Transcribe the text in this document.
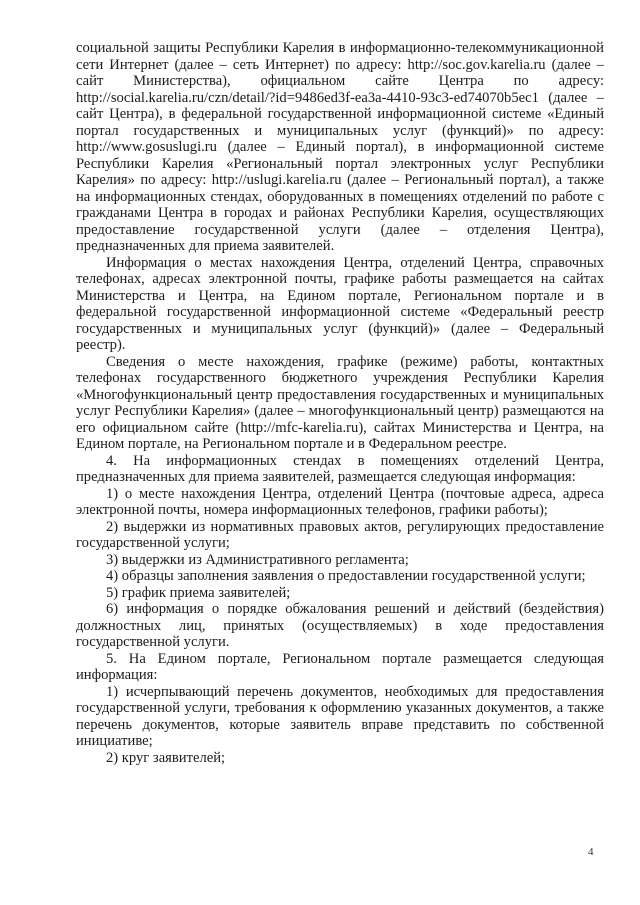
социальной защиты Республики Карелия в информационно-телекоммуникационной сети Интернет (далее – сеть Интернет) по адресу: http://soc.gov.karelia.ru (далее – сайт Министерства), официальном сайте Центра по адресу: http://social.karelia.ru/czn/detail/?id=9486ed3f-ea3a-4410-93c3-ed74070b5ec1 (далее – сайт Центра), в федеральной государственной информационной системе «Единый портал государственных и муниципальных услуг (функций)» по адресу: http://www.gosuslugi.ru (далее – Единый портал), в информационной системе Республики Карелия «Региональный портал электронных услуг Республики Карелия» по адресу: http://uslugi.karelia.ru (далее – Региональный портал), а также на информационных стендах, оборудованных в помещениях отделений по работе с гражданами Центра в городах и районах Республики Карелия, осуществляющих предоставление государственной услуги (далее – отделения Центра), предназначенных для приема заявителей.

Информация о местах нахождения Центра, отделений Центра, справочных телефонах, адресах электронной почты, графике работы размещается на сайтах Министерства и Центра, на Едином портале, Региональном портале и в федеральной государственной информационной системе «Федеральный реестр государственных и муниципальных услуг (функций)» (далее – Федеральный реестр).

Сведения о месте нахождения, графике (режиме) работы, контактных телефонах государственного бюджетного учреждения Республики Карелия «Многофункциональный центр предоставления государственных и муниципальных услуг Республики Карелия» (далее – многофункциональный центр) размещаются на его официальном сайте (http://mfc-karelia.ru), сайтах Министерства и Центра, на Едином портале, на Региональном портале и в Федеральном реестре.

4. На информационных стендах в помещениях отделений Центра, предназначенных для приема заявителей, размещается следующая информация:

1) о месте нахождения Центра, отделений Центра (почтовые адреса, адреса электронной почты, номера информационных телефонов, графики работы);

2) выдержки из нормативных правовых актов, регулирующих предоставление государственной услуги;

3) выдержки из Административного регламента;

4) образцы заполнения заявления о предоставлении государственной услуги;

5) график приема заявителей;

6) информация о порядке обжалования решений и действий (бездействия) должностных лиц, принятых (осуществляемых) в ходе предоставления государственной услуги.

5. На Едином портале, Региональном портале размещается следующая информация:

1) исчерпывающий перечень документов, необходимых для предоставления государственной услуги, требования к оформлению указанных документов, а также перечень документов, которые заявитель вправе представить по собственной инициативе;

2) круг заявителей;

4
